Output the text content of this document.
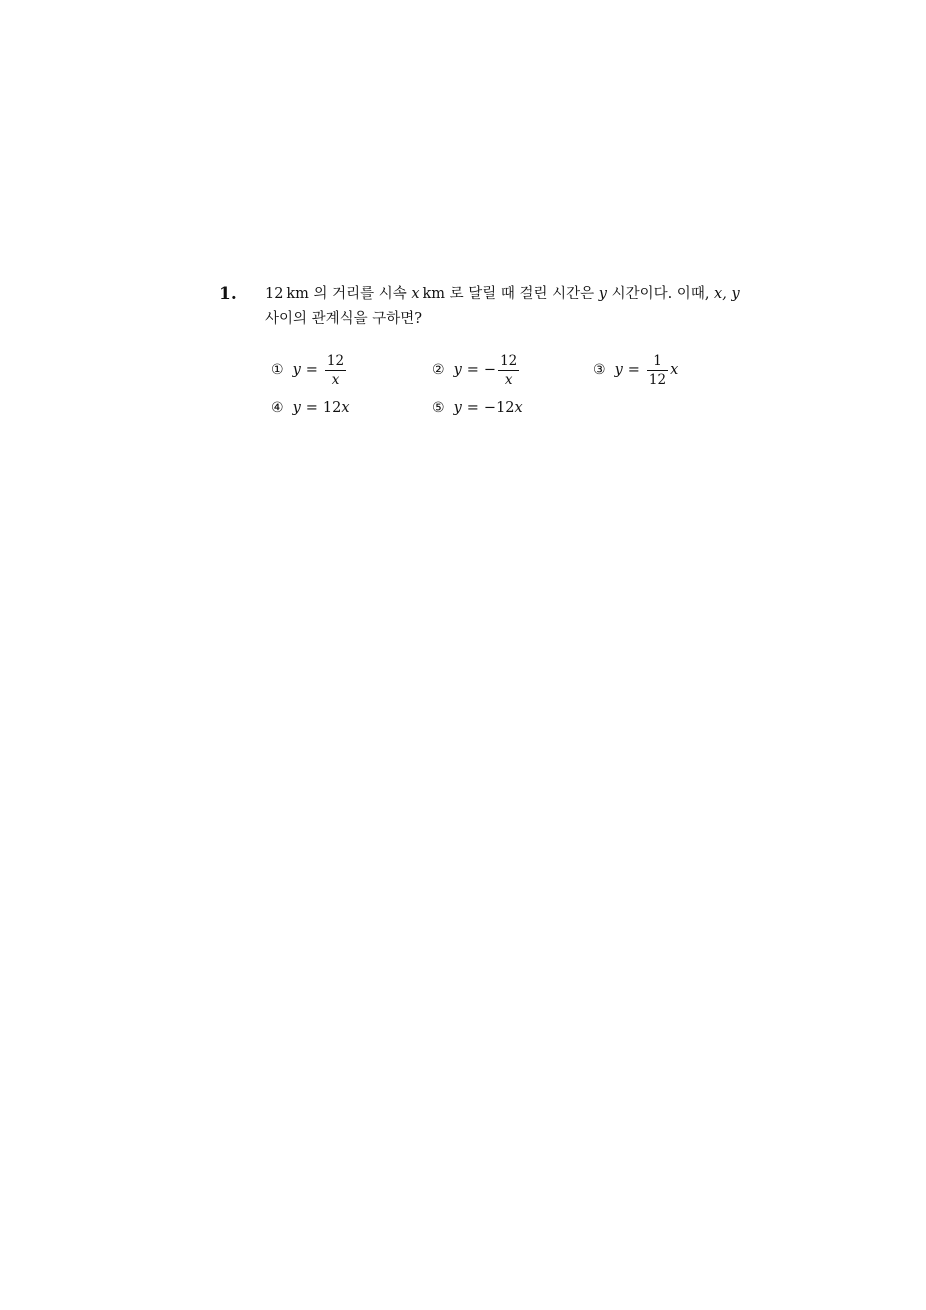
1. 12  km 의 거리를 시속 x  km 로 달릴 때 걸린 시간은 y 시간이다. 이때, x, y
사이의 관계식을 구하면?
① $y = \frac{12}{x}$	② y = − $\frac{12}{x}$	③ $y = \frac{1}{12}$ x
④ y = 12 x	⑤ y = −12 x
